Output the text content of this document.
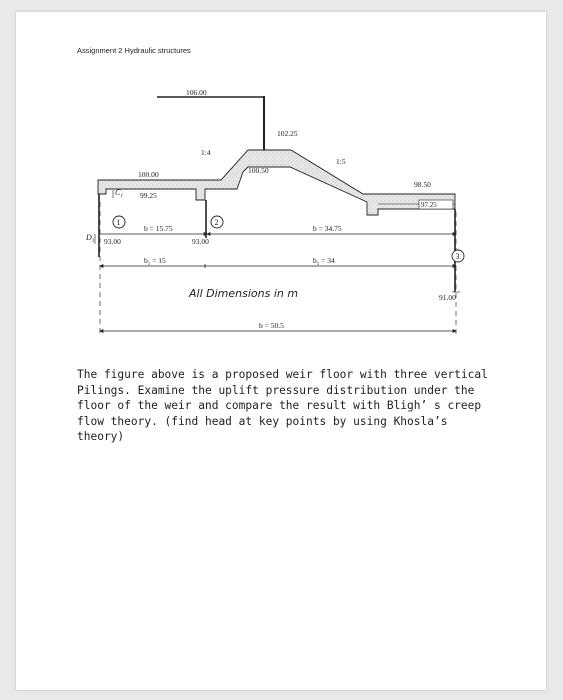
Assignment 2 Hydraulic structures
106.00
102.25
1:4
1:5
100.50
100.00
99.25
98.50
97.25
$C_1$
$D_1$
1	2
3
93.00	93.00
91.00
b = 15.75	b = 34.75
$b_1 = 15$	$b_1 = 34$
b = 50.5
All Dimensions in m
The figure above is a proposed weir floor with three vertical Pilings. Examine the uplift pressure distribution under the floor of the weir and compare the result with Bligh’ s creep flow theory. (find head at key points by using Khosla’s theory)
